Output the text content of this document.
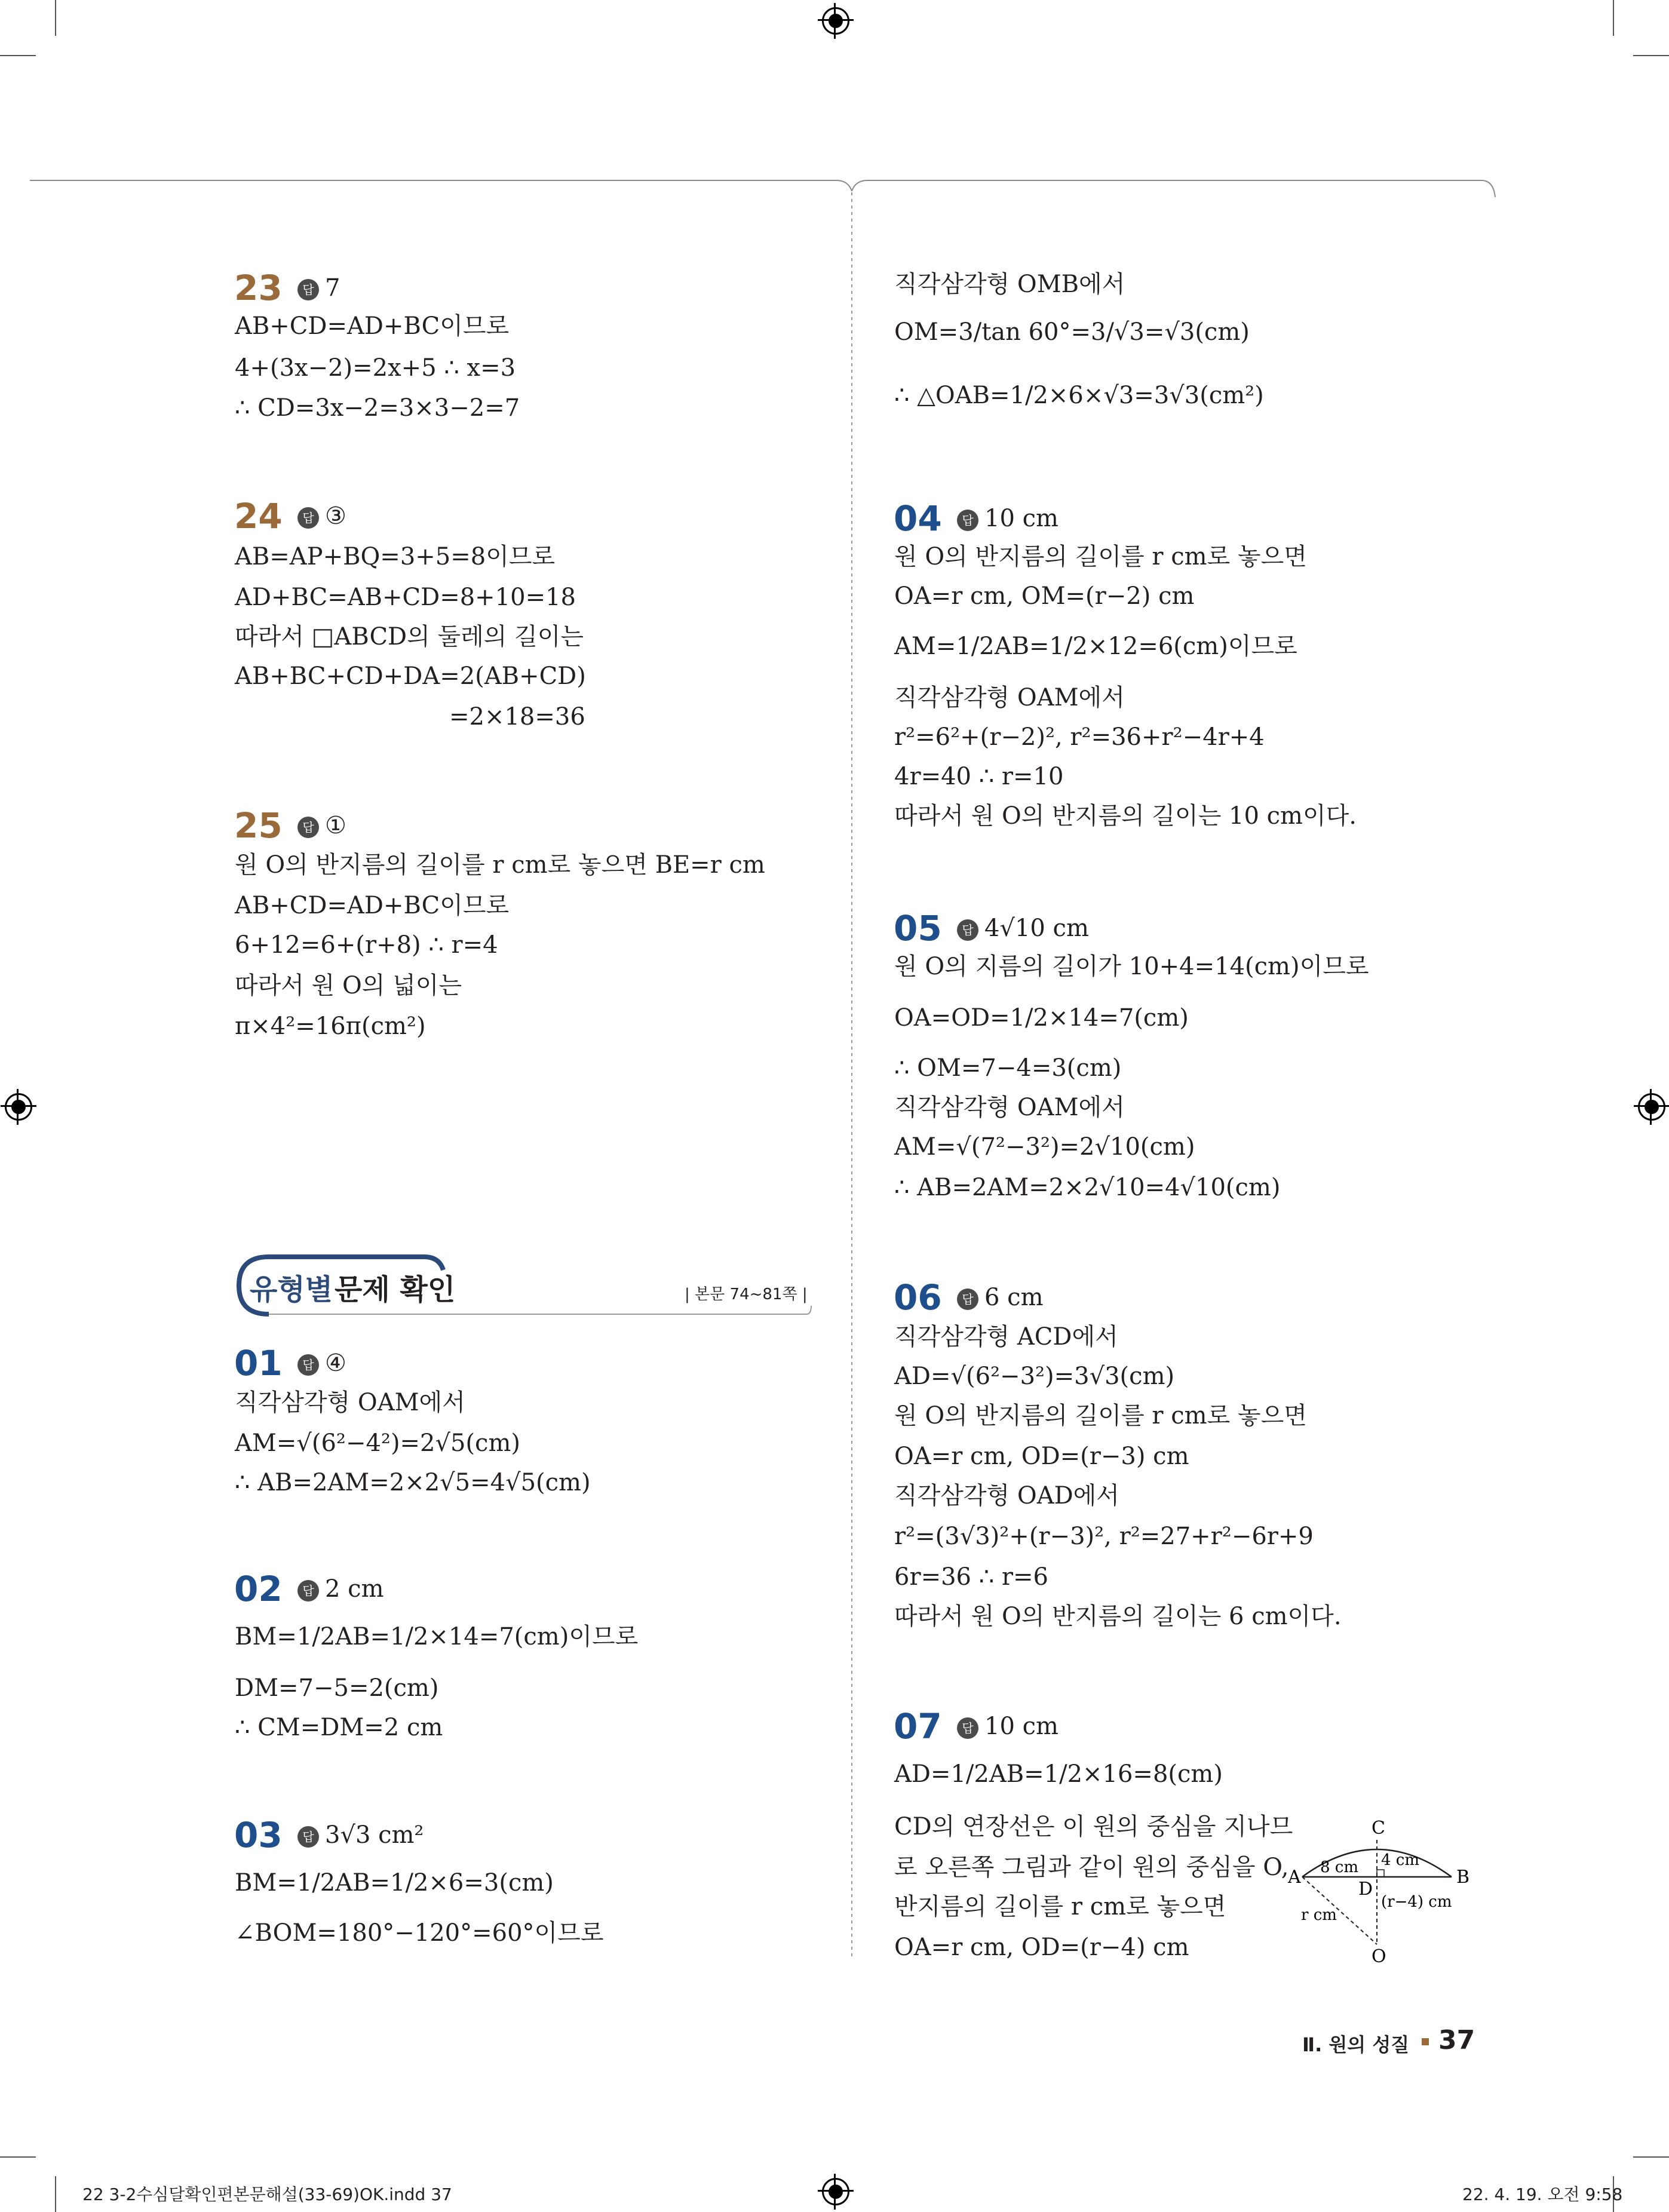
23	답 7
AB+CD=AD+BC이므로
4+(3x−2)=2x+5 ∴ x=3
∴ CD=3x−2=3×3−2=7
24	답 ③
AB=AP+BQ=3+5=8이므로
AD+BC=AB+CD=8+10=18
따라서 □ABCD의 둘레의 길이는
AB+BC+CD+DA=2(AB+CD)
=2×18=36
25	답 ①
원 O의 반지름의 길이를 r cm로 놓으면 BE=r cm
AB+CD=AD+BC이므로
6+12=6+(r+8) ∴ r=4
따라서 원 O의 넓이는
π×4²=16π(cm²)
유형별 문제 확인	| 본문 74~81쪽 |
01	답 ④
직각삼각형 OAM에서
AM=√(6²−4²)=2√5(cm)
∴ AB=2AM=2×2√5=4√5(cm)
02	답 2 cm
BM=1/2AB=1/2×14=7(cm)이므로
DM=7−5=2(cm)
∴ CM=DM=2 cm
03	답 3√3 cm²
BM=1/2AB=1/2×6=3(cm)
∠BOM=180°−120°=60°이므로
직각삼각형 OMB에서
OM=3/tan 60°=3/√3=√3(cm)
∴ △OAB=1/2×6×√3=3√3(cm²)
04	답 10 cm
원 O의 반지름의 길이를 r cm로 놓으면
OA=r cm, OM=(r−2) cm
AM=1/2AB=1/2×12=6(cm)이므로
직각삼각형 OAM에서
r²=6²+(r−2)², r²=36+r²−4r+4
4r=40 ∴ r=10
따라서 원 O의 반지름의 길이는 10 cm이다.
05	답 4√10 cm
원 O의 지름의 길이가 10+4=14(cm)이므로
OA=OD=1/2×14=7(cm)
∴ OM=7−4=3(cm)
직각삼각형 OAM에서
AM=√(7²−3²)=2√10(cm)
∴ AB=2AM=2×2√10=4√10(cm)
06	답 6 cm
직각삼각형 ACD에서
AD=√(6²−3²)=3√3(cm)
원 O의 반지름의 길이를 r cm로 놓으면
OA=r cm, OD=(r−3) cm
직각삼각형 OAD에서
r²=(3√3)²+(r−3)², r²=27+r²−6r+9
6r=36 ∴ r=6
따라서 원 O의 반지름의 길이는 6 cm이다.
07	답 10 cm
AD=1/2AB=1/2×16=8(cm)
CD의 연장선은 이 원의 중심을 지나므
로 오른쪽 그림과 같이 원의 중심을 O,
반지름의 길이를 r cm로 놓으면
OA=r cm, OD=(r−4) cm
A	B
C
D
O
8 cm 4 cm
(r−4) cm
r cm
Ⅱ. 원의 성질 37
22 3-2수심달확인편본문해설(33-69)OK.indd 37	22. 4. 19. 오전 9:58
